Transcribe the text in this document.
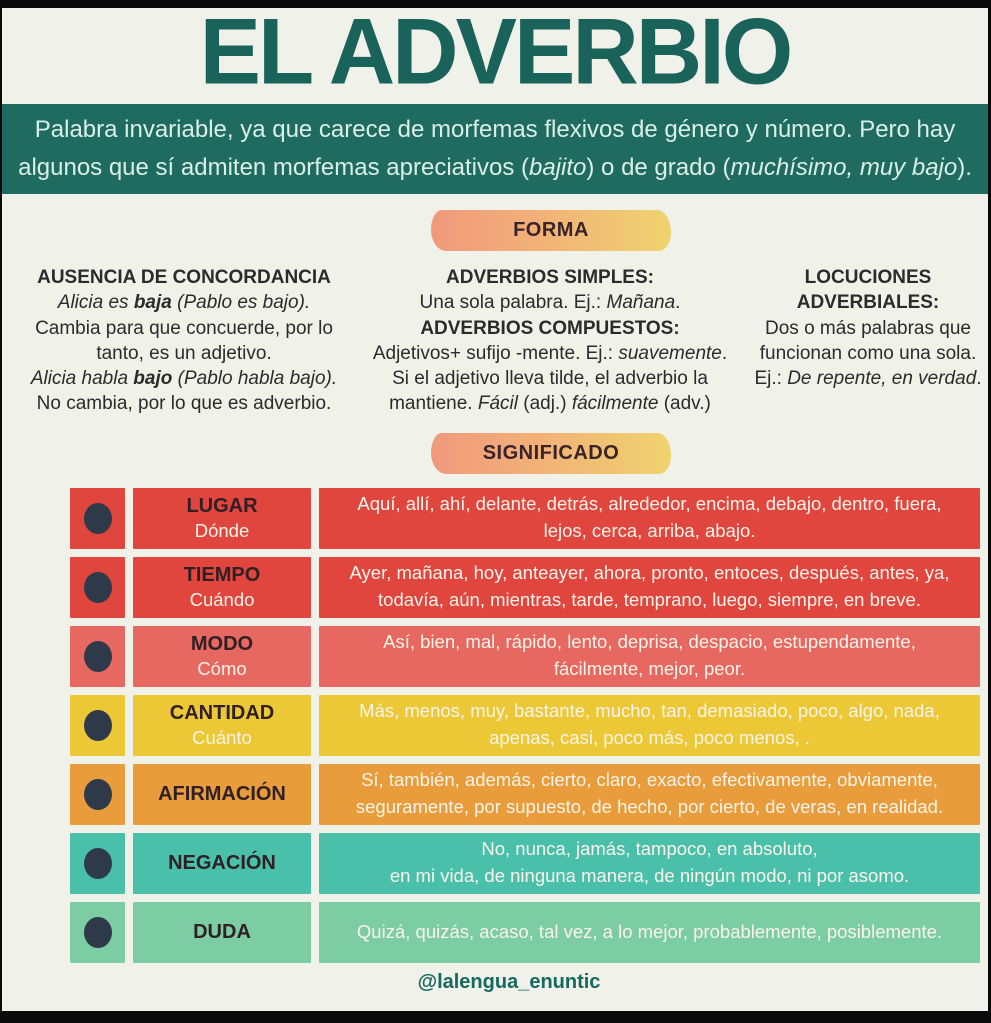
EL ADVERBIO
Palabra invariable, ya que carece de morfemas flexivos de género y número. Pero hay
algunos que sí admiten morfemas apreciativos (bajito) o de grado (muchísimo, muy bajo).
FORMA
AUSENCIA DE CONCORDANCIA
Alicia es baja (Pablo es bajo).
Cambia para que concuerde, por lo tanto, es un adjetivo.
Alicia habla bajo (Pablo habla bajo).
No cambia, por lo que es adverbio.
ADVERBIOS SIMPLES:
Una sola palabra. Ej.: Mañana.
ADVERBIOS COMPUESTOS:
Adjetivos+ sufijo -mente. Ej.: suavemente.
Si el adjetivo lleva tilde, el adverbio la mantiene. Fácil (adj.) fácilmente (adv.)
LOCUCIONES ADVERBIALES:
Dos o más palabras que funcionan como una sola.
Ej.: De repente, en verdad.
SIGNIFICADO
LUGAR
Dónde
Aquí, allí, ahí, delante, detrás, alrededor, encima, debajo, dentro, fuera,
lejos, cerca, arriba, abajo.
TIEMPO
Cuándo
Ayer, mañana, hoy, anteayer, ahora, pronto, entoces, después, antes, ya,
todavía, aún, mientras, tarde, temprano, luego, siempre, en breve.
MODO
Cómo
Así, bien, mal, rápido, lento, deprisa, despacio, estupendamente,
fácilmente, mejor, peor.
CANTIDAD
Cuánto
Más, menos, muy, bastante, mucho, tan, demasiado, poco, algo, nada,
apenas, casi, poco más, poco menos, .
AFIRMACIÓN
Sí, también, además, cierto, claro, exacto, efectivamente, obviamente,
seguramente, por supuesto, de hecho, por cierto, de veras, en realidad.
NEGACIÓN
No, nunca, jamás, tampoco, en absoluto,
en mi vida, de ninguna manera, de ningún modo, ni por asomo.
DUDA	Quizá, quizás, acaso, tal vez, a lo mejor, probablemente, posiblemente.
@lalengua_enuntic
